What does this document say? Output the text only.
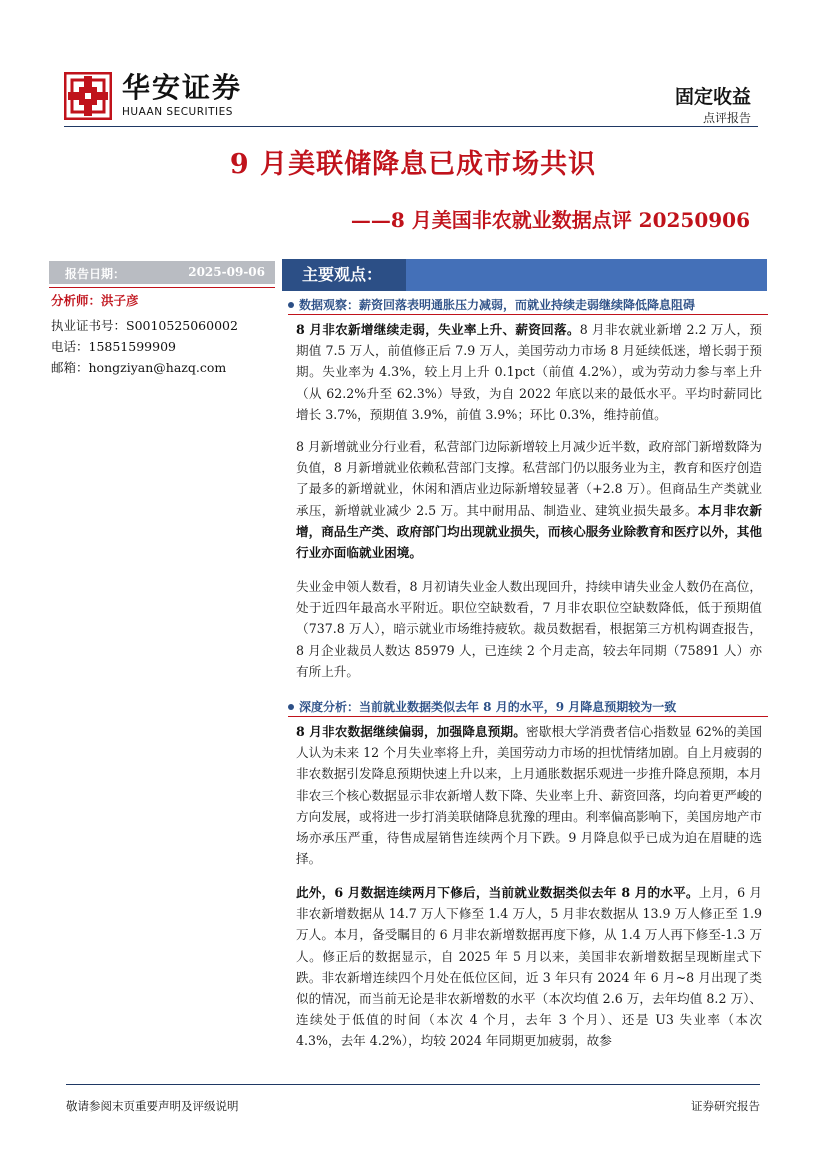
华安证券
HUAAN SECURITIES
固定收益
点评报告
9 月美联储降息已成市场共识
——8 月美国非农就业数据点评 20250906
报告日期：	2025-09-06
分析师：洪子彦
执业证书号：S0010525060002
电话：15851599909
邮箱：hongziyan@hazq.com
主要观点：
数据观察：薪资回落表明通胀压力减弱，而就业持续走弱继续降低降息阻碍
8 月非农新增继续走弱，失业率上升、薪资回落。8 月非农就业新增 2.2 万人，预期值 7.5 万人，前值修正后 7.9 万人，美国劳动力市场 8 月延续低迷，增长弱于预期。失业率为 4.3%，较上月上升 0.1pct（前值 4.2%），或为劳动力参与率上升（从 62.2%升至 62.3%）导致，为自 2022 年底以来的最低水平。平均时薪同比增长 3.7%，预期值 3.9%，前值 3.9%；环比 0.3%，维持前值。
8 月新增就业分行业看，私营部门边际新增较上月减少近半数，政府部门新增数降为负值，8 月新增就业依赖私营部门支撑。私营部门仍以服务业为主，教育和医疗创造了最多的新增就业，休闲和酒店业边际新增较显著（+2.8 万）。但商品生产类就业承压，新增就业减少 2.5 万。其中耐用品、制造业、建筑业损失最多。本月非农新增，商品生产类、政府部门均出现就业损失，而核心服务业除教育和医疗以外，其他行业亦面临就业困境。
失业金申领人数看，8 月初请失业金人数出现回升，持续申请失业金人数仍在高位，处于近四年最高水平附近。职位空缺数看，7 月非农职位空缺数降低，低于预期值（737.8 万人），暗示就业市场维持疲软。裁员数据看，根据第三方机构调查报告，8 月企业裁员人数达 85979 人，已连续 2 个月走高，较去年同期（75891 人）亦有所上升。
深度分析：当前就业数据类似去年 8 月的水平，9 月降息预期较为一致
8 月非农数据继续偏弱，加强降息预期。密歇根大学消费者信心指数显 62%的美国人认为未来 12 个月失业率将上升，美国劳动力市场的担忧情绪加剧。自上月疲弱的非农数据引发降息预期快速上升以来，上月通胀数据乐观进一步推升降息预期，本月非农三个核心数据显示非农新增人数下降、失业率上升、薪资回落，均向着更严峻的方向发展，或将进一步打消美联储降息犹豫的理由。利率偏高影响下，美国房地产市场亦承压严重，待售成屋销售连续两个月下跌。9 月降息似乎已成为迫在眉睫的选择。
此外，6 月数据连续两月下修后，当前就业数据类似去年 8 月的水平。上月，6 月非农新增数据从 14.7 万人下修至 1.4 万人，5 月非农数据从 13.9 万人修正至 1.9 万人。本月，备受瞩目的 6 月非农新增数据再度下修，从 1.4 万人再下修至-1.3 万人。修正后的数据显示，自 2025 年 5 月以来，美国非农新增数据呈现断崖式下跌。非农新增连续四个月处在低位区间，近 3 年只有 2024 年 6 月~8 月出现了类似的情况，而当前无论是非农新增数的水平（本次均值 2.6 万，去年均值 8.2 万）、连续处于低值的时间（本次 4 个月，去年 3 个月）、还是 U3 失业率（本次 4.3%，去年 4.2%），均较 2024 年同期更加疲弱，故参
敬请参阅末页重要声明及评级说明	证券研究报告
